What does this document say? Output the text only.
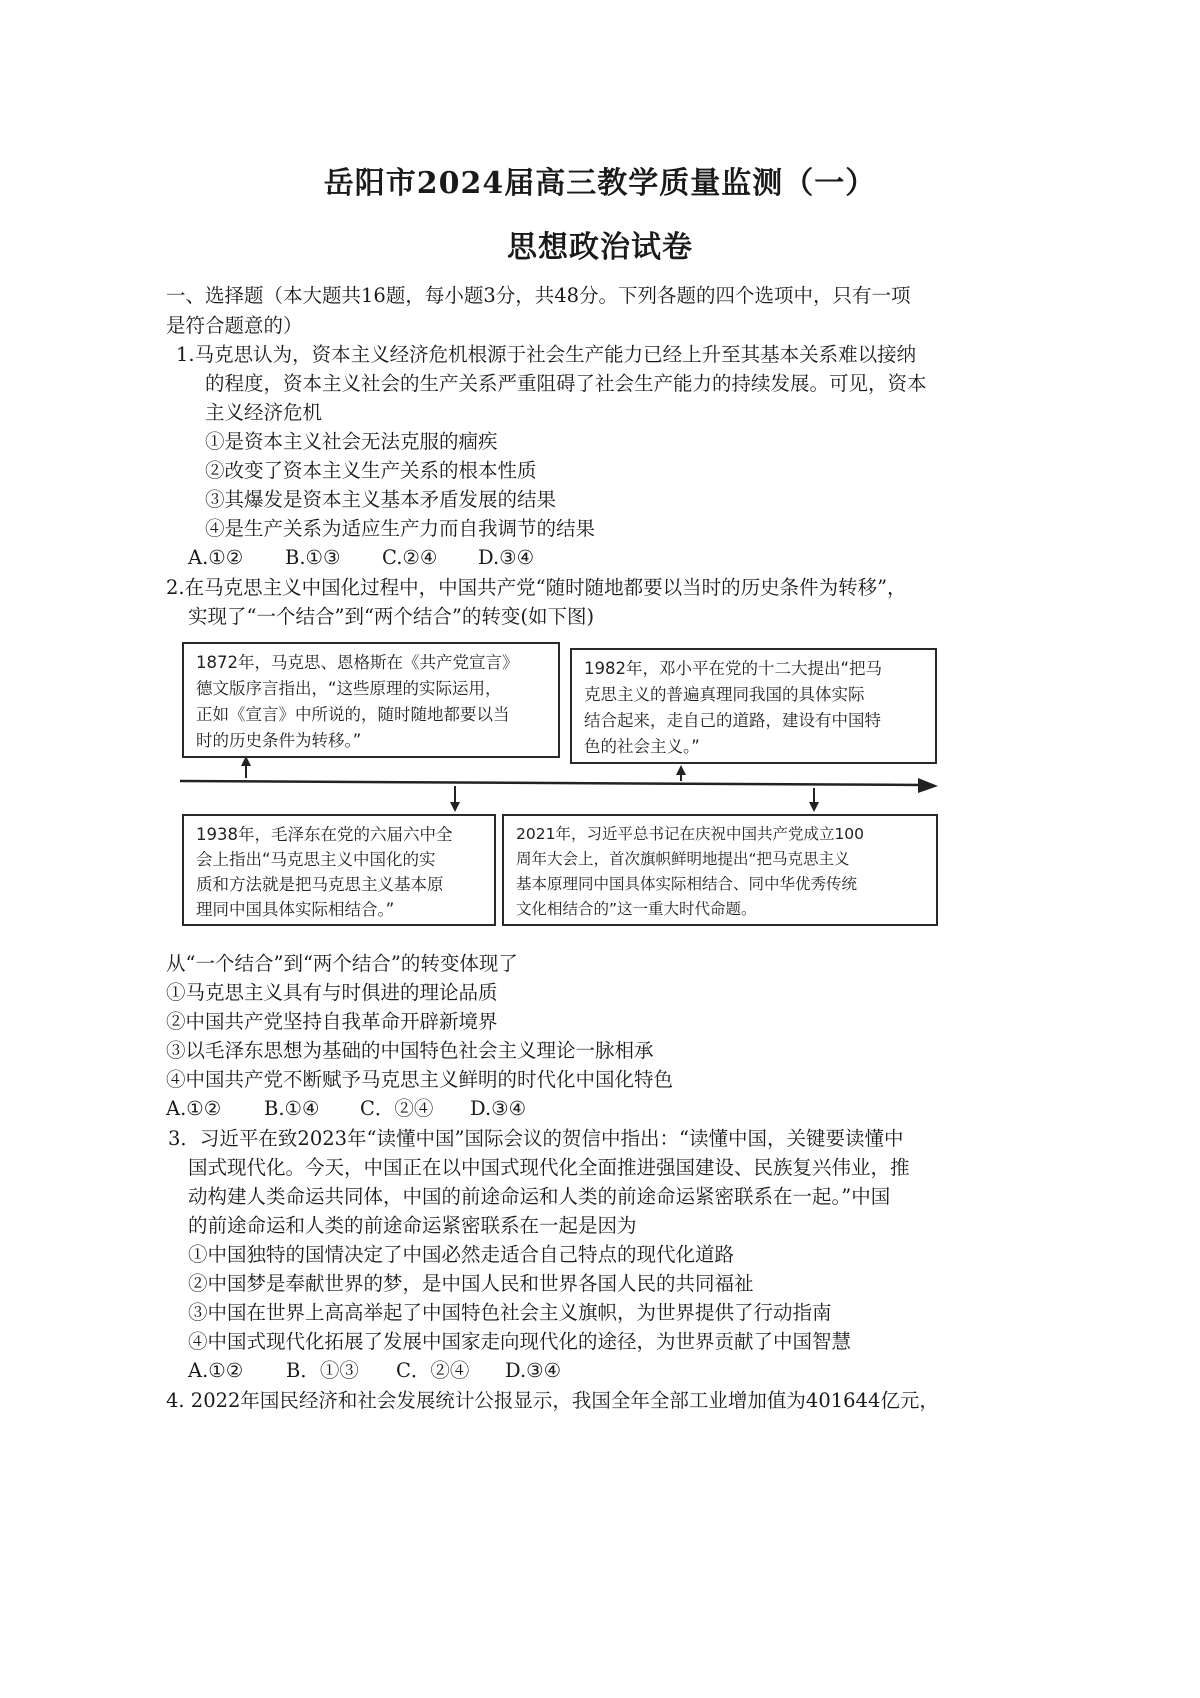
岳阳市2024届高三教学质量监测（一）
思想政治试卷
一、选择题（本大题共16题，每小题3分，共48分。下列各题的四个选项中，只有一项
是符合题意的）
1.马克思认为，资本主义经济危机根源于社会生产能力已经上升至其基本关系难以接纳
的程度，资本主义社会的生产关系严重阻碍了社会生产能力的持续发展。可见，资本
主义经济危机
①是资本主义社会无法克服的痼疾
②改变了资本主义生产关系的根本性质
③其爆发是资本主义基本矛盾发展的结果
④是生产关系为适应生产力而自我调节的结果
A.①② B.①③ C.②④ D.③④
2.在马克思主义中国化过程中，中国共产党“随时随地都要以当时的历史条件为转移”，
实现了“一个结合”到“两个结合”的转变(如下图)
1872年，马克思、恩格斯在《共产党宣言》
德文版序言指出，“这些原理的实际运用，
正如《宣言》中所说的，随时随地都要以当
时的历史条件为转移。”
1982年，邓小平在党的十二大提出“把马
克思主义的普遍真理同我国的具体实际
结合起来，走自己的道路，建设有中国特
色的社会主义。”
1938年，毛泽东在党的六届六中全
会上指出“马克思主义中国化的实
质和方法就是把马克思主义基本原
理同中国具体实际相结合。”
2021年，习近平总书记在庆祝中国共产党成立100
周年大会上，首次旗帜鲜明地提出“把马克思主义
基本原理同中国具体实际相结合、同中华优秀传统
文化相结合的”这一重大时代命题。
从“一个结合”到“两个结合”的转变体现了
①马克思主义具有与时俱进的理论品质
②中国共产党坚持自我革命开辟新境界
③以毛泽东思想为基础的中国特色社会主义理论一脉相承
④中国共产党不断赋予马克思主义鲜明的时代化中国化特色
A.①② B.①④ C．②④ D.③④
3．习近平在致2023年“读懂中国”国际会议的贺信中指出：“读懂中国，关键要读懂中
国式现代化。今天，中国正在以中国式现代化全面推进强国建设、民族复兴伟业，推
动构建人类命运共同体，中国的前途命运和人类的前途命运紧密联系在一起。”中国
的前途命运和人类的前途命运紧密联系在一起是因为
①中国独特的国情决定了中国必然走适合自己特点的现代化道路
②中国梦是奉献世界的梦，是中国人民和世界各国人民的共同福祉
③中国在世界上高高举起了中国特色社会主义旗帜，为世界提供了行动指南
④中国式现代化拓展了发展中国家走向现代化的途径，为世界贡献了中国智慧
A.①② B．①③ C．②④ D.③④
4. 2022年国民经济和社会发展统计公报显示，我国全年全部工业增加值为401644亿元，
